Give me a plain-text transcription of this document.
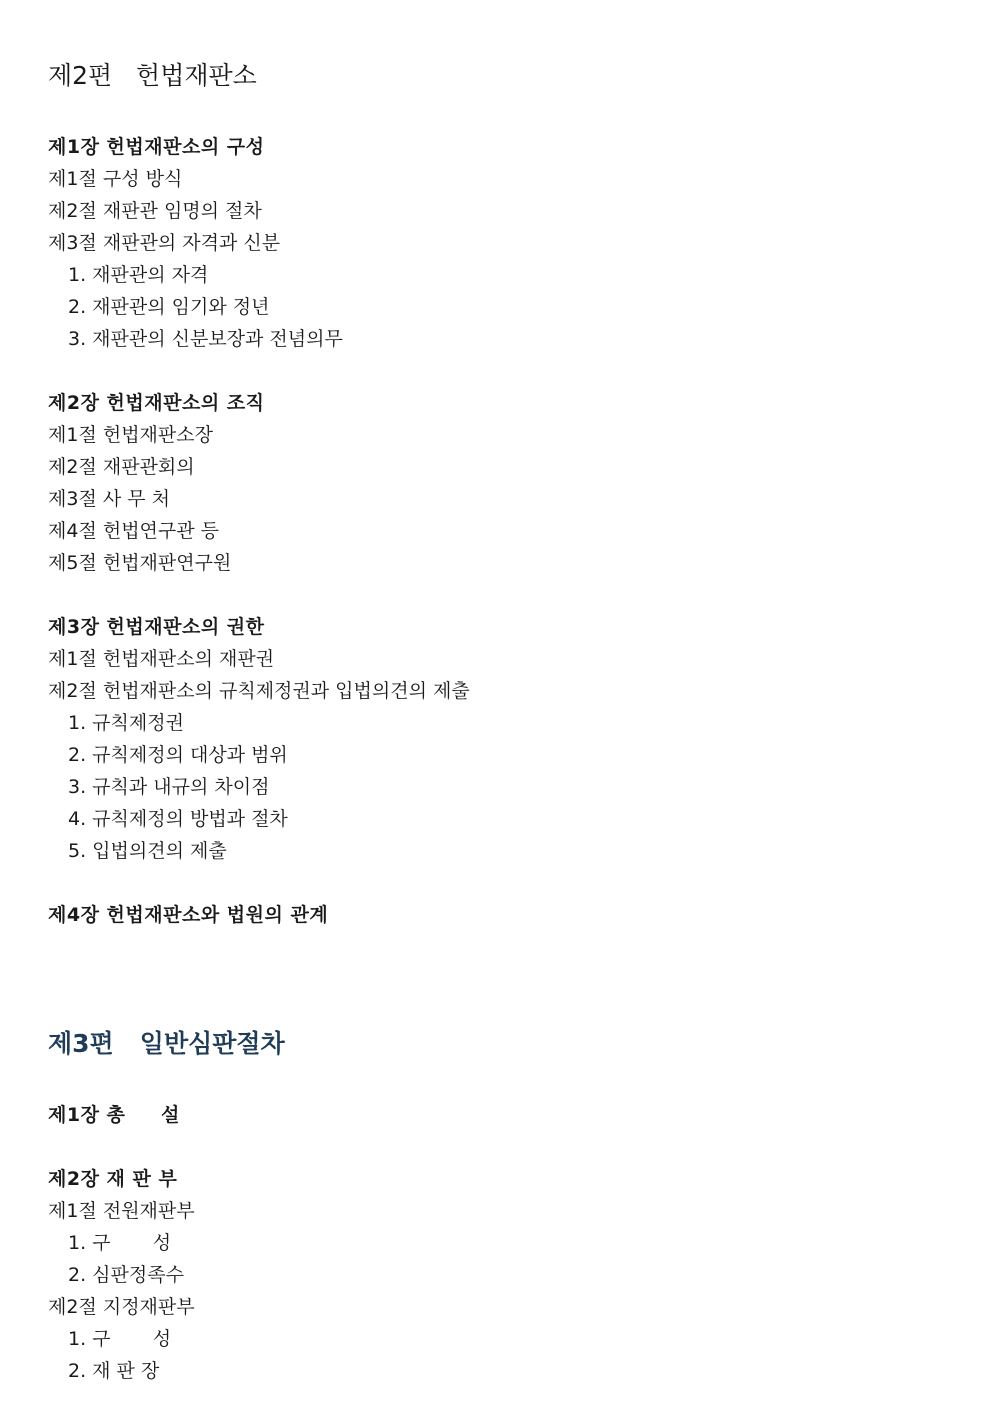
제2편   헌법재판소
제1장 헌법재판소의 구성
제1절 구성 방식
제2절 재판관 임명의 절차
제3절 재판관의 자격과 신분
1. 재판관의 자격
2. 재판관의 임기와 정년
3. 재판관의 신분보장과 전념의무
제2장 헌법재판소의 조직
제1절 헌법재판소장
제2절 재판관회의
제3절 사 무 처
제4절 헌법연구관 등
제5절 헌법재판연구원
제3장 헌법재판소의 권한
제1절 헌법재판소의 재판권
제2절 헌법재판소의 규칙제정권과 입법의견의 제출
1. 규칙제정권
2. 규칙제정의 대상과 범위
3. 규칙과 내규의 차이점
4. 규칙제정의 방법과 절차
5. 입법의견의 제출
제4장 헌법재판소와 법원의 관계
제3편   일반심판절차
제1장 총     설
제2장 재 판 부
제1절 전원재판부
1. 구       성
2. 심판정족수
제2절 지정재판부
1. 구       성
2. 재 판 장
